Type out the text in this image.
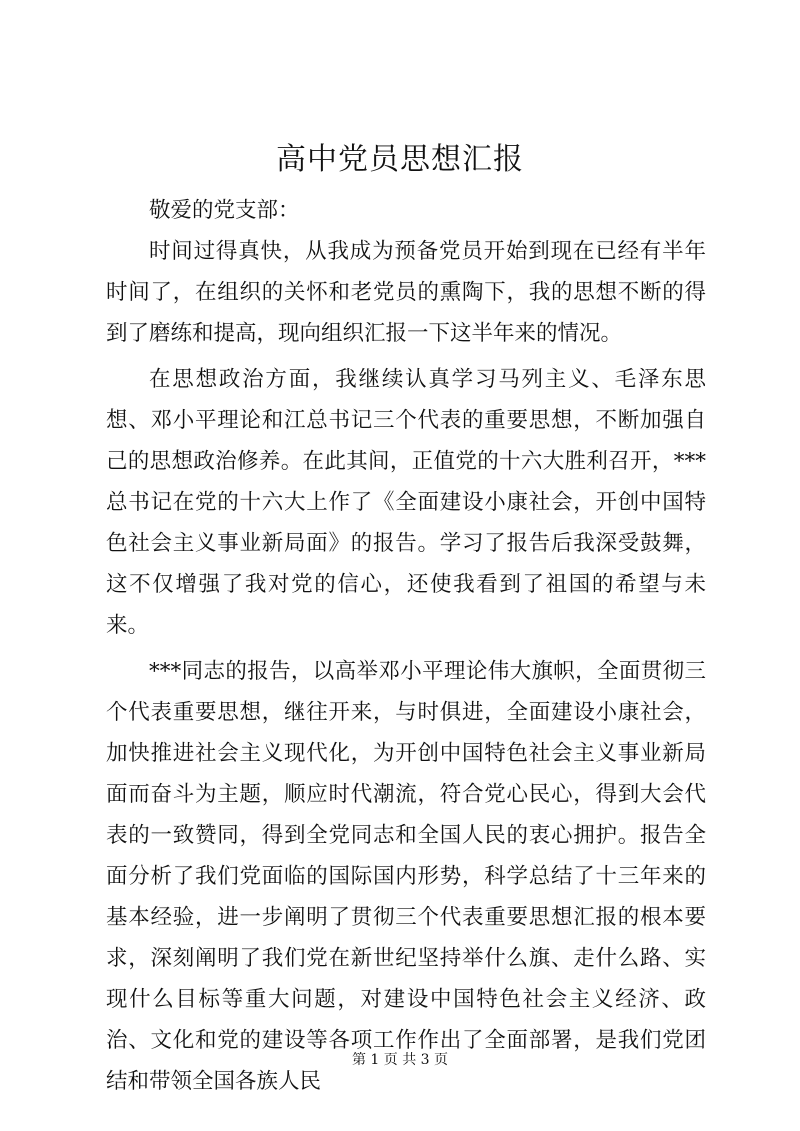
高中党员思想汇报

敬爱的党支部：

时间过得真快，从我成为预备党员开始到现在已经有半年时间了，在组织的关怀和老党员的熏陶下，我的思想不断的得到了磨练和提高，现向组织汇报一下这半年来的情况。

在思想政治方面，我继续认真学习马列主义、毛泽东思想、邓小平理论和江总书记三个代表的重要思想，不断加强自己的思想政治修养。在此其间，正值党的十六大胜利召开，***总书记在党的十六大上作了《全面建设小康社会，开创中国特色社会主义事业新局面》的报告。学习了报告后我深受鼓舞，这不仅增强了我对党的信心，还使我看到了祖国的希望与未来。

***同志的报告，以高举邓小平理论伟大旗帜，全面贯彻三个代表重要思想，继往开来，与时俱进，全面建设小康社会，加快推进社会主义现代化，为开创中国特色社会主义事业新局面而奋斗为主题，顺应时代潮流，符合党心民心，得到大会代表的一致赞同，得到全党同志和全国人民的衷心拥护。报告全面分析了我们党面临的国际国内形势，科学总结了十三年来的基本经验，进一步阐明了贯彻三个代表重要思想汇报的根本要求，深刻阐明了我们党在新世纪坚持举什么旗、走什么路、实现什么目标等重大问题，对建设中国特色社会主义经济、政治、文化和党的建设等各项工作作出了全面部署，是我们党团结和带领全国各族人民

第 1 页 共 3 页
